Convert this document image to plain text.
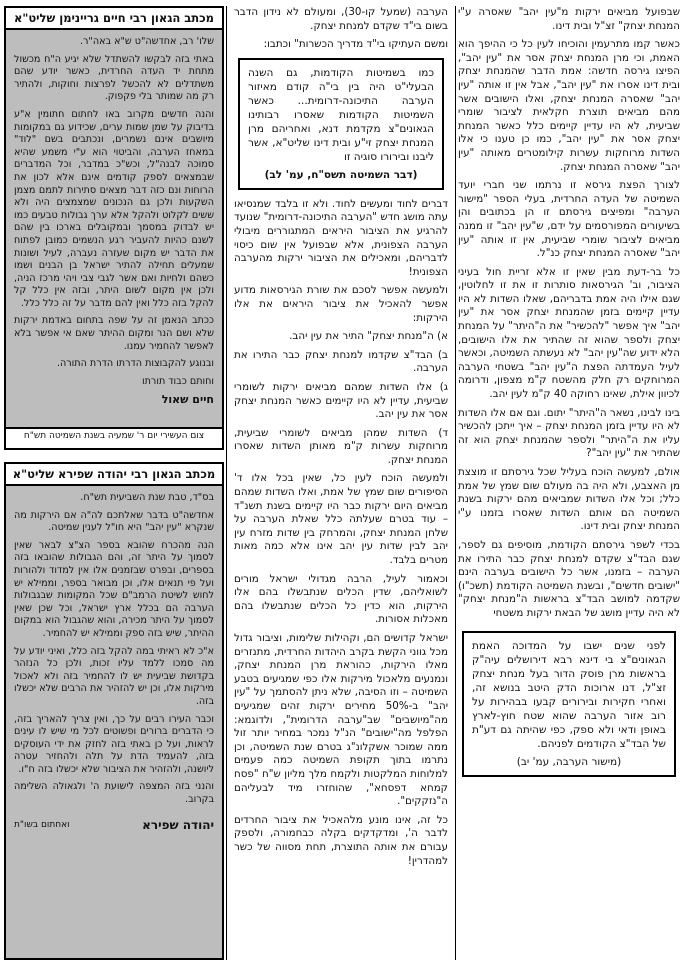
שבפועל מביאים ירקות מ"עין יהב" שאסרה ע"י המנחת יצחק" זצ"ל ובית דינו.

כאשר קמו מתרעמין והוכיחו לעין כל כי ההיפך הוא האמת, וכי מרן המנחת יצחק אסר את "עין יהב", הפיצו גירסה חדשה: אמת הדבר שהמנחת יצחק ובית דינו אסרו את "עין יהב", אבל אין זו אותה "עין יהב" שאסרה המנחת יצחק, ואלו הישובים אשר מהם מביאים תוצרת חקלאית לציבור שומרי שביעית, לא היו עדיין קיימים כלל כאשר המנחת יצחק אסר את "עין יהב", כמו כן טענו כי אלו השדות מרוחקות עשרות קילומטרים מאותה "עין יהב" שאסרה המנחת יצחק.

לצורך הפצת גירסא זו נרתמו שני חברי יועד השמיטה של העדה החרדית, בעלי הספר "מישור הערבה" ומפיצים גירסתם זו הן בכתובים והן בשיעורים המפורסמים על ידם, ש"עין יהב" זו ממנה מביאים לציבור שומרי שביעית, אין זו אותה "עין יהב" שאסרה המנחת יצחק כנ"ל.

כל בר-דעת מבין שאין זו אלא זריית חול בעיני הציבור, וב' הגירסאות סותרות זו את זו לחלוטין, שגם אילו היה אמת בדבריהם, שאלו השדות לא היו עדיין קיימים בזמן שהמנחת יצחק אסר את "עין יהב" איך אפשר "להכשיר" את ה"היתר" על המנחת יצחק ולספר שהוא זה שהתיר את אלו הישובים, הלא ידוע שה"עין יהב" לא נעשתה השמיטה, וכאשר לעיל העמדתה הפצת ה"עין יהב" בשטחי הערבה המרוחקים רק חלק מהשטח ק"מ מצפון, ודרומה לכיוון אילת, שאינו רחוקה 40 ק"מ לעין יהב.

בינו לבינו, נשאר ה"היתר" יתום. וגם אם אלו השדות לא היו עדיין בזמן המנחת יצחק – איך ייתכן להכשיר עליו את ה"היתר" ולספר שהמנחת יצחק הוא זה שהתיר את "עין יהב"?

אולם, למעשה הוכח בעליל שכל גירסתם זו מוצצת מן האצבע, ולא היה בה מעולם שום שמץ של אמת כלל; וכל אלו השדות שמביאים מהם ירקות בשנת השמיטה הם אותם השדות שאסרו בזמנו ע"י המנחת יצחק ובית דינו.

בכדי לשפר גירסתם הקודמת, מוסיפים גם לספר, שגם הבד"צ שקדם למנחת יצחק כבר התירו את הערבה – בזמנו, אשר כל הישובים בערבה הינם "ישובים חדשים", ובשנת השמיטה הקודמת (תשכ"ו) שקדמה למושב הבד"צ בראשות ה"מנחת יצחק" לא היה עדיין מושג של הבאת ירקות משטחי

לפני שנים ישבו על המדוכה האמת הגאונים"צ בי דינא רבא דירושלים עיה"ק בראשות מרן פוסק הדור בעל מנחת יצחק זצ"ל, דנו ארוכות הדק היטב בנושא זה, ואחרי חקירות ובירורים קבעו בבהירות על רוב אזור הערבה שהוא שטח חוץ-לארץ באופן ודאי ולא ספק, כפי שהיתה גם דע"ת של הבד"צ הקודמים לפניהם.
(מישור הערבה, עמ' יב)

הערבה (שמעל קו-30), ומעולם לא נידון הדבר בשום בי"ד שקדם למנחת יצחק.

ומשם העתיקו בי"ד מדריך הכשרות" וכתבו:

כמו בשמיטות הקודמות, גם השנה הבעלי"ט היה בין בי"ה קודם מאיזור הערבה התיכונה-דרומית... כאשר השמיטות הקודמות שאסרו רבותינו הגאונים"צ מקדמת דנא, ואחריהם מרן המנחת יצחק זי"ע ובית דינו שליט"א, אשר ליבנו ובירורו סוגיה זו
(דבר השמיטה תשס"ח, עמ' לב)

דברים לחוד ומעשים לחוד. ולא זו בלבד שמנסיאו עתה מושג חדש "הערבה התיכונה-דרומית" שנועד להרגיע את הציבור היראים המתגוררים מיבולי הערבה הצפונית, אלא שבפועל אין שום כיסוי לדבריהם, ומאכילים את הציבור ירקות מהערבה הצפונית!

ולמעשה אפשר לסכם את שורת הגירסאות מדוע אפשר להאכיל את ציבור היראים את אלו הירקות:

א) ה"מנחת יצחק" התיר את עין יהב.

ב) הבד"צ שקדמו למנחת יצחק כבר התירו את הערבה.

ג) אלו השדות שמהם מביאים ירקות לשומרי שביעית, עדיין לא היו קיימים כאשר המנחת יצחק אסר את עין יהב.

ד) השדות שמהן מביאים לשומרי שביעית, מרוחקות עשרות ק"מ מאותן השדות שאסרו המנחת יצחק.

ולמעשה הוכח לעין כל, שאין בכל אלו ד' הסיפורים שום שמץ של אמת, ואלו השדות שמהם מביאים היום ירקות כבר היו קיימים בשנת תשנ"ד – עוד בטרם שעלתה כלל שאלת הערבה על שלחן המנחת יצחק, והמרחק בין שדות מזרח עין יהב לבין שדות עין יהב אינו אלא כמה מאות מטרים בלבד.

וכאמור לעיל, הרבה מגדולי ישראל מורים לשואליהם, שדין הכלים שנתבשלו בהם אלו הירקות, הוא כדין כל הכלים שנתבשלו בהם מאכלות אסורות.

ישראל קדושים הם, וקהילות שלימות, וציבור גדול מכל גווני הקשת בקרב היהדות החרדית, מתנזרים מאלו הירקות, כהוראת מרן המנחת יצחק, ונמנעים מלאכול מירקות אלו כפי שמגיעים בטבע השמיטה – וזו הסיבה, שלא ניתן להסתמך על "עין יהב" ב-50% מחירים ירקות זהים שמגיעים מה"מיושבים" שב"ערבה הדרומית", ולדוגמא: הפלפל מה"ישובים" הנ"ל נמכר במחיר יותר זול ממה שמוכר אשקלונ"ג בטרם שנת השמיטה, וכן נתרמו בתוך תקופת השמיטה כמה פעמים למלוחות המלקטות ולקמח מלך מליון ש"ח "פסח קמחא דפסחא", שהוחזרו מיד לבעליהם ה"נזקקים".

כל זה, אינו מונע מלהאכיל את ציבור החרדים לדבר ה', ומדקדקים בקלה כבחמורה, ולספק עבורם את אותה התוצרת, תחת מסווה של כשר למהדרין!

מכתב הגאון רבי חיים גריינימן שליט"א

שלו' רב, אחדשה"ט ש"א באה"ר.

באתי בזה לבקשו להשתדל שלא יגיע ה"ח מכשול מתחת יד העדה החרדית, כאשר יודע שהם משתדלים לא להכשל לפרצות וחוקות, ולהתיר רק מה שמותר בלי פקפוק.

והנה חדשים מקרוב באו לחתום חתומין א"ע בדיבוק על שמן שמות ערים, שכידוע גם במקומות מיושבים אינם נשמרים, ונכתבים בשם "לוד" במאחז הערבה, והביטוי הוא ע"י משמע שהיא סמוכה לבנה"ל, וכש"כ במדבר, וכל המדברים שבמצאים לספק קודמים אינם אלא לכון את הרוחות ונם כזה דבר מצאים סתירות לתמם מצמן השקעות ולכן גם הנכונים שמצמצים היה ולא ששים לקלוט ולהקל אלא ערך גבולות טבעים כמו יש לבדוק במסמך ובמקובלים בארכו בין שהם לשנם כהיות להעביר רגע הנשמים כמובן לפתוח את הדבר יש מקום שעזרה נעברה, לעיל ושונות שמעלים תחילה להתיר ישראל בן הבנים ושמו כשהם ולחיות ואם אשר לגבי צבי ויהי מרכז הניה, ולכן אין מקום לשום היתר, ובזה אין כלל קל להקל בזה כלל ואין להם מדבר על זה כלל כלל.

ככתב הנאמן זה על שפה בתחום באדמת ירקות שלא ושם הנר ומקום ההיתר שאם אי אפשר בלא לאפשר להחמיר עמנו.

ובנוגע להקבוצות הדרתו הדרת התורה.

וחותם כבוד תורתו

חיים שאול
צום העשירי יום ר' שמעיה בשנת השמיטה תש"ח
מכתב הגאון רבי יהודה שפירא שליט"א

בס"ד, טבת שנת השביעית תש"ח.

אחדשה"ט בדבר שאלתכם לה"ה אם הירקות מה שנקרא "עין יהב" היא חו"ל לענין שמיטה.

הנה מהכרח שהובא בספר הצ"צ לבאר שאין לסמוך על היתר זה, והם הגבולות שהובאו בזה בספרים, ובפרט שבזמנים אלו אין למדוד ולהורות ועל פי תנאים אלו, וכן מבואר בספר, וממילא יש לחוש לשיטת הרמב"ם שכל המקומות שבגבולות הערבה הם בכלל ארץ ישראל, וכל שכן שאין לסמוך על היתר מכירה, והוא שהגבול הוא במקום ההיתר, שיש בזה ספק וממילא יש להחמיר.

א"כ לא ראיתי במה להקל בזה כלל, ואיני יודע על מה סמכו ללמד עליו זכות, ולכן כל הנזהר בקדושת שביעית יש לו להחמיר בזה ולא לאכול מירקות אלו, וכן יש להזהיר את הרבים שלא יכשלו בזה.

וכבר העירו רבים על כך, ואין צריך להאריך בזה, כי הדברים ברורים ופשוטים לכל מי שיש לו עינים לראות, ועל כן באתי בזה לחזק את ידי העוסקים בזה, להעמיד הדת על תלה ולהחזיר עטרה ליושנה, ולהזהיר את הציבור שלא יכשלו בזה ח"ו.

והנני בזה המצפה לישועת ה' ולגאולה השלימה בקרוב.

יהודה שפירא
ואחתום בשו"ת
